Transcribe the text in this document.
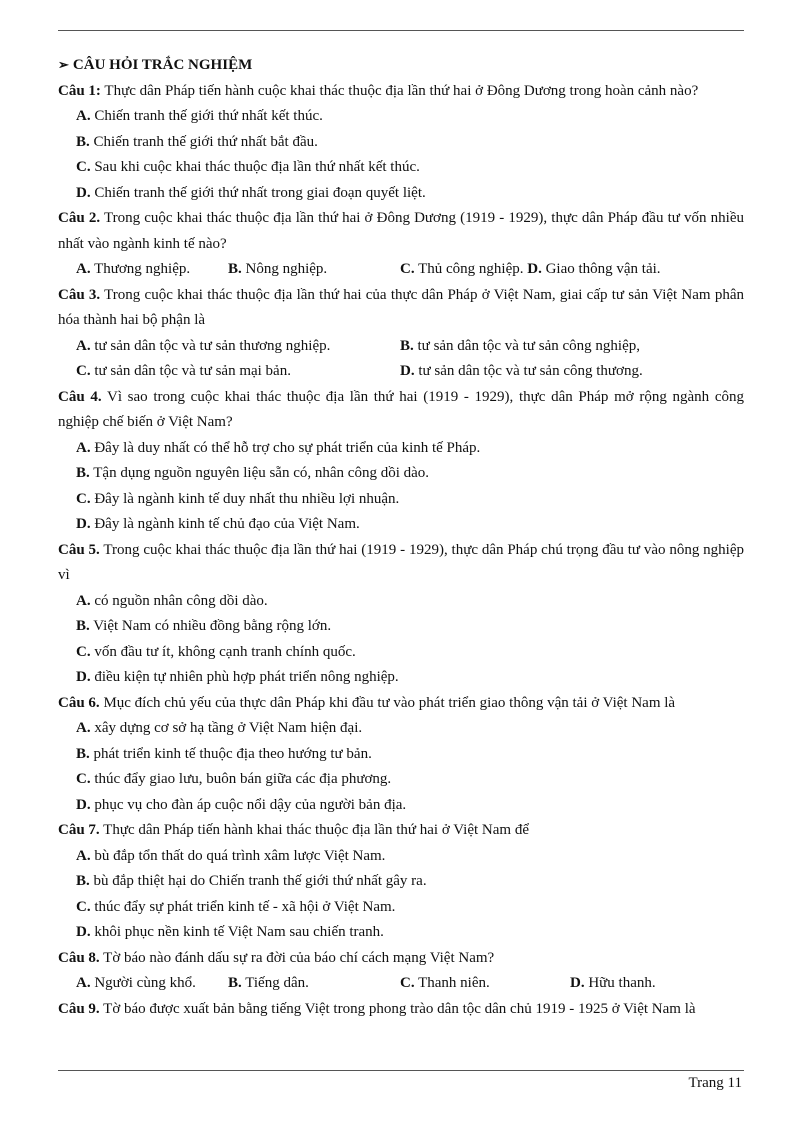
➢ CÂU HỎI TRẮC NGHIỆM
Câu 1: Thực dân Pháp tiến hành cuộc khai thác thuộc địa lần thứ hai ở Đông Dương trong hoàn cảnh nào?
A. Chiến tranh thế giới thứ nhất kết thúc.
B. Chiến tranh thế giới thứ nhất bắt đầu.
C. Sau khi cuộc khai thác thuộc địa lần thứ nhất kết thúc.
D. Chiến tranh thế giới thứ nhất trong giai đoạn quyết liệt.
Câu 2. Trong cuộc khai thác thuộc địa lần thứ hai ở Đông Dương (1919 - 1929), thực dân Pháp đầu tư vốn nhiều nhất vào ngành kinh tế nào?
A. Thương nghiệp.	B. Nông nghiệp.	C. Thủ công nghiệp. D. Giao thông vận tải.
Câu 3. Trong cuộc khai thác thuộc địa lần thứ hai của thực dân Pháp ở Việt Nam, giai cấp tư sản Việt Nam phân hóa thành hai bộ phận là
A. tư sản dân tộc và tư sản thương nghiệp.	B. tư sản dân tộc và tư sản công nghiệp,
C. tư sản dân tộc và tư sản mại bản.	D. tư sản dân tộc và tư sản công thương.
Câu 4. Vì sao trong cuộc khai thác thuộc địa lần thứ hai (1919 - 1929), thực dân Pháp mở rộng ngành công nghiệp chế biến ở Việt Nam?
A. Đây là duy nhất có thể hỗ trợ cho sự phát triển của kinh tế Pháp.
B. Tận dụng nguồn nguyên liệu sẵn có, nhân công dồi dào.
C. Đây là ngành kinh tế duy nhất thu nhiều lợi nhuận.
D. Đây là ngành kinh tế chủ đạo của Việt Nam.
Câu 5. Trong cuộc khai thác thuộc địa lần thứ hai (1919 - 1929), thực dân Pháp chú trọng đầu tư vào nông nghiệp vì
A. có nguồn nhân công dồi dào.
B. Việt Nam có nhiều đồng bằng rộng lớn.
C. vốn đầu tư ít, không cạnh tranh chính quốc.
D. điều kiện tự nhiên phù hợp phát triển nông nghiệp.
Câu 6. Mục đích chủ yếu của thực dân Pháp khi đầu tư vào phát triển giao thông vận tải ở Việt Nam là
A. xây dựng cơ sở hạ tầng ở Việt Nam hiện đại.
B. phát triển kinh tế thuộc địa theo hướng tư bản.
C. thúc đẩy giao lưu, buôn bán giữa các địa phương.
D. phục vụ cho đàn áp cuộc nổi dậy của người bản địa.
Câu 7. Thực dân Pháp tiến hành khai thác thuộc địa lần thứ hai ở Việt Nam để
A. bù đắp tổn thất do quá trình xâm lược Việt Nam.
B. bù đắp thiệt hại do Chiến tranh thế giới thứ nhất gây ra.
C. thúc đẩy sự phát triển kinh tế - xã hội ở Việt Nam.
D. khôi phục nền kinh tế Việt Nam sau chiến tranh.
Câu 8. Tờ báo nào đánh dấu sự ra đời của báo chí cách mạng Việt Nam?
A. Người cùng khổ.	B. Tiếng dân.	C. Thanh niên.	D. Hữu thanh.
Câu 9. Tờ báo được xuất bản bằng tiếng Việt trong phong trào dân tộc dân chủ 1919 - 1925 ở Việt Nam là
Trang 11
